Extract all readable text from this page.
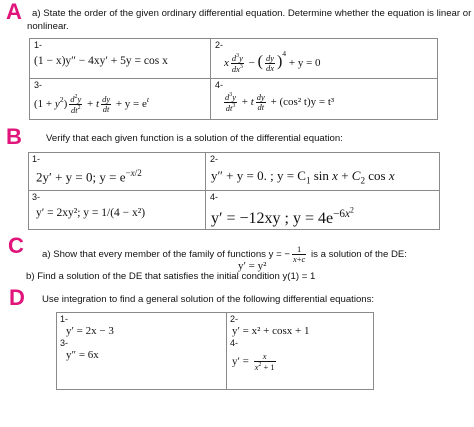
A a) State the order of the given ordinary differential equation. Determine whether the equation is linear or
nonlinear.
1-
(1 − x)y″ − 4xy′ + 5y = cos x
2-
x $\frac{d^3y}{dx^3}$ − ( $\frac{dy}{dx} )^4 + y = 0$
3-
$(1 + y^2) \frac{d^2y}{dt^2} + t \frac{dy}{dt} + y = e^t$
4-
$\frac{d^3y}{dt^3} + t \frac{dy}{dt} + (\cos^2$ t)y = t³
B	Verify that each given function is a solution of the differential equation:
1-
2y′ + y = 0; $y = e^{-x/2}$
2-
y″ + y = 0. ; $y = C_1$ $\sin x + C_2$ cos x
3-
y′ = 2xy²; y = 1/(4 − x²)
4-
y′ = −12xy ; $y = 4e^{-6x^2}$
C a) Show that every member of the family of functions y = − $\frac{1}{x+c}$ is a solution of the DE:
y′ = y²
b) Find a solution of the DE that satisfies the initial condition y(1) = 1
D Use integration to find a general solution of the following differential equations:
1-
y′ = 2x − 3
3-
y″ = 6x
2-
y′ = x² + cosx + 1
4-
$y' = \frac{x}{x^2 + 1}$
